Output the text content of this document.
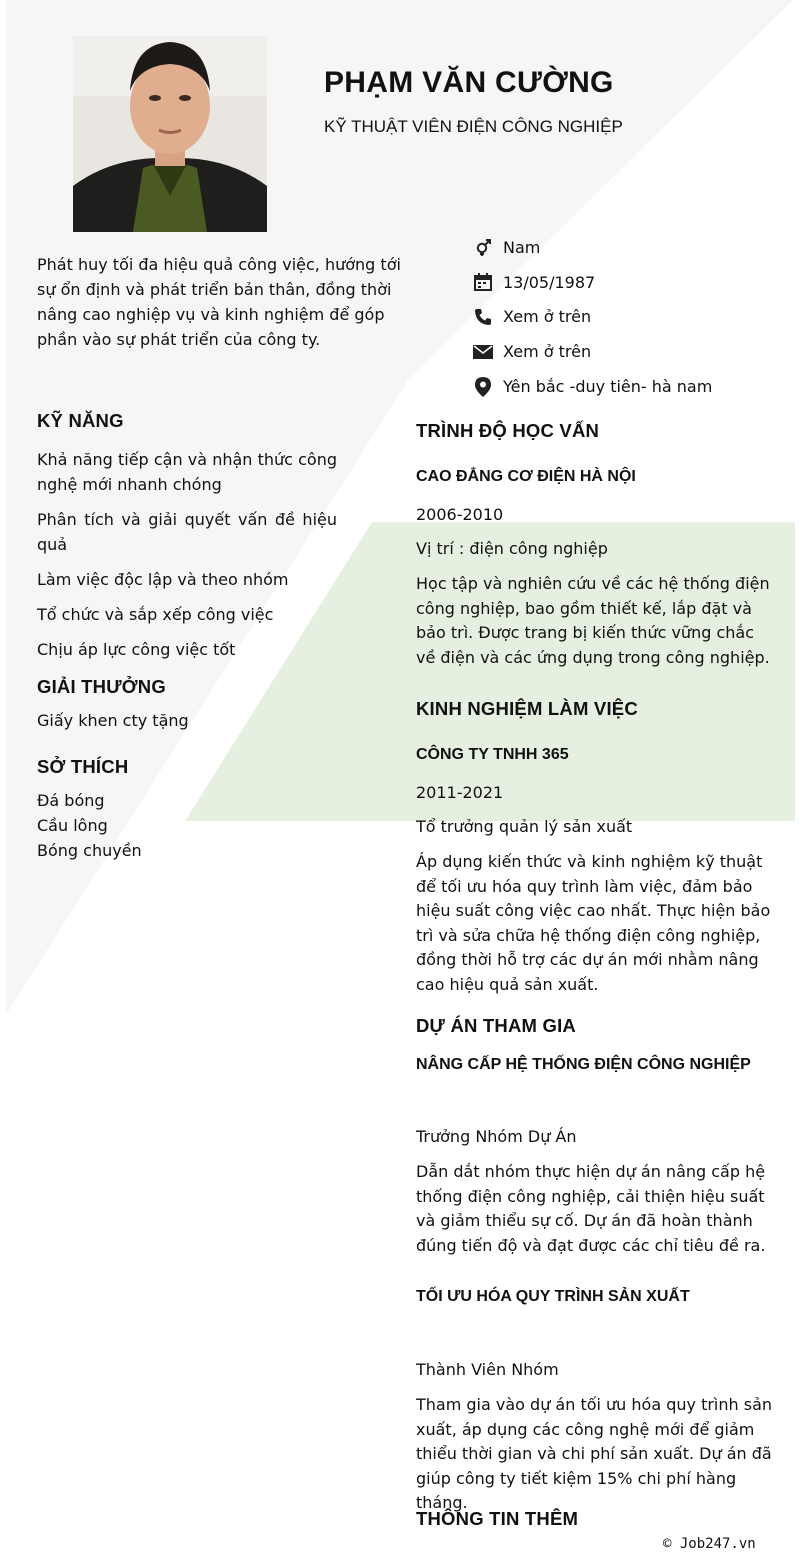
PHẠM VĂN CƯỜNG

KỸ THUẬT VIÊN ĐIỆN CÔNG NGHIỆP

Phát huy tối đa hiệu quả công việc, hướng tới sự ổn định và phát triển bản thân, đồng thời nâng cao nghiệp vụ và kinh nghiệm để góp phần vào sự phát triển của công ty.

Nam
13/05/1987
Xem ở trên
Xem ở trên
Yên bắc -duy tiên- hà nam
KỸ NĂNG
Khả năng tiếp cận và nhận thức công nghệ mới nhanh chóng
Phân tích và giải quyết vấn đề hiệu quả
Làm việc độc lập và theo nhóm
Tổ chức và sắp xếp công việc
Chịu áp lực công việc tốt
GIẢI THƯỞNG
Giấy khen cty tặng
SỞ THÍCH
Đá bóng
Cầu lông
Bóng chuyền
TRÌNH ĐỘ HỌC VẤN
CAO ĐẲNG CƠ ĐIỆN HÀ NỘI

2006-2010

Vị trí : điện công nghiệp

Học tập và nghiên cứu về các hệ thống điện công nghiệp, bao gồm thiết kế, lắp đặt và bảo trì. Được trang bị kiến thức vững chắc về điện và các ứng dụng trong công nghiệp.

KINH NGHIỆM LÀM VIỆC
CÔNG TY TNHH 365

2011-2021

Tổ trưởng quản lý sản xuất

Áp dụng kiến thức và kinh nghiệm kỹ thuật để tối ưu hóa quy trình làm việc, đảm bảo hiệu suất công việc cao nhất. Thực hiện bảo trì và sửa chữa hệ thống điện công nghiệp, đồng thời hỗ trợ các dự án mới nhằm nâng cao hiệu quả sản xuất.

DỰ ÁN THAM GIA
NÂNG CẤP HỆ THỐNG ĐIỆN CÔNG NGHIỆP

Trưởng Nhóm Dự Án

Dẫn dắt nhóm thực hiện dự án nâng cấp hệ thống điện công nghiệp, cải thiện hiệu suất và giảm thiểu sự cố. Dự án đã hoàn thành đúng tiến độ và đạt được các chỉ tiêu đề ra.

TỐI ƯU HÓA QUY TRÌNH SẢN XUẤT

Thành Viên Nhóm

Tham gia vào dự án tối ưu hóa quy trình sản xuất, áp dụng các công nghệ mới để giảm thiểu thời gian và chi phí sản xuất. Dự án đã giúp công ty tiết kiệm 15% chi phí hàng tháng.

THÔNG TIN THÊM
© Job247.vn
